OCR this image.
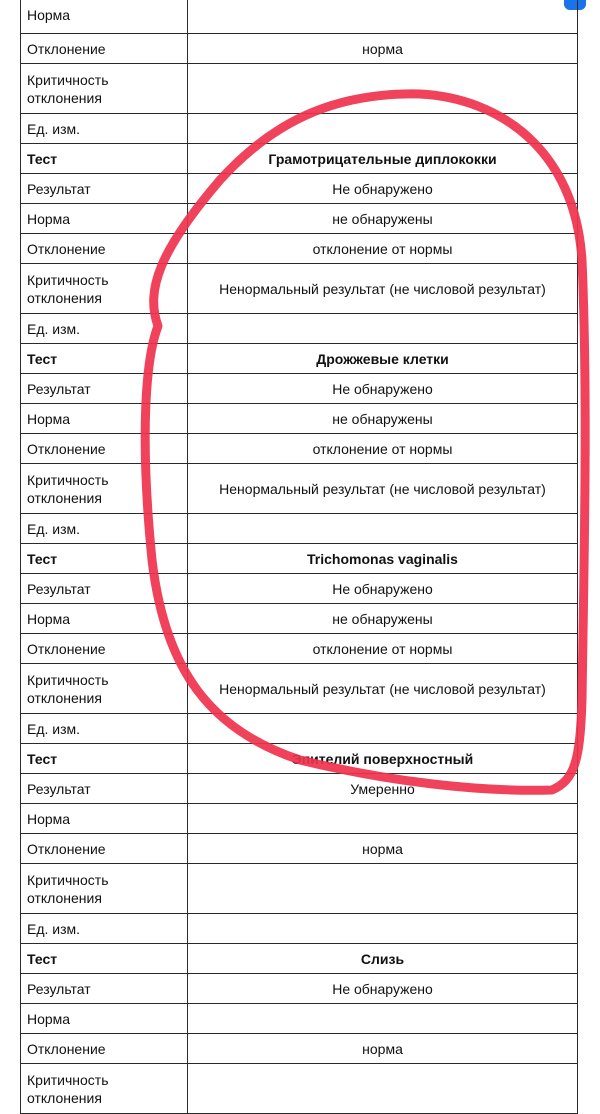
Норма	
Отклонение	норма
Критичность отклонения	
Ед. изм.	
Тест	Грамотрицательные диплококки
Результат	Не обнаружено
Норма	не обнаружены
Отклонение	отклонение от нормы
Критичность отклонения	Ненормальный результат (не числовой результат)
Ед. изм.	
Тест	Дрожжевые клетки
Результат	Не обнаружено
Норма	не обнаружены
Отклонение	отклонение от нормы
Критичность отклонения	Ненормальный результат (не числовой результат)
Ед. изм.	
Тест	Trichomonas vaginalis
Результат	Не обнаружено
Норма	не обнаружены
Отклонение	отклонение от нормы
Критичность отклонения	Ненормальный результат (не числовой результат)
Ед. изм.	
Тест	Эпителий поверхностный
Результат	Умеренно
Норма	
Отклонение	норма
Критичность отклонения	
Ед. изм.	
Тест	Слизь
Результат	Не обнаружено
Норма	
Отклонение	норма
Критичность отклонения	
